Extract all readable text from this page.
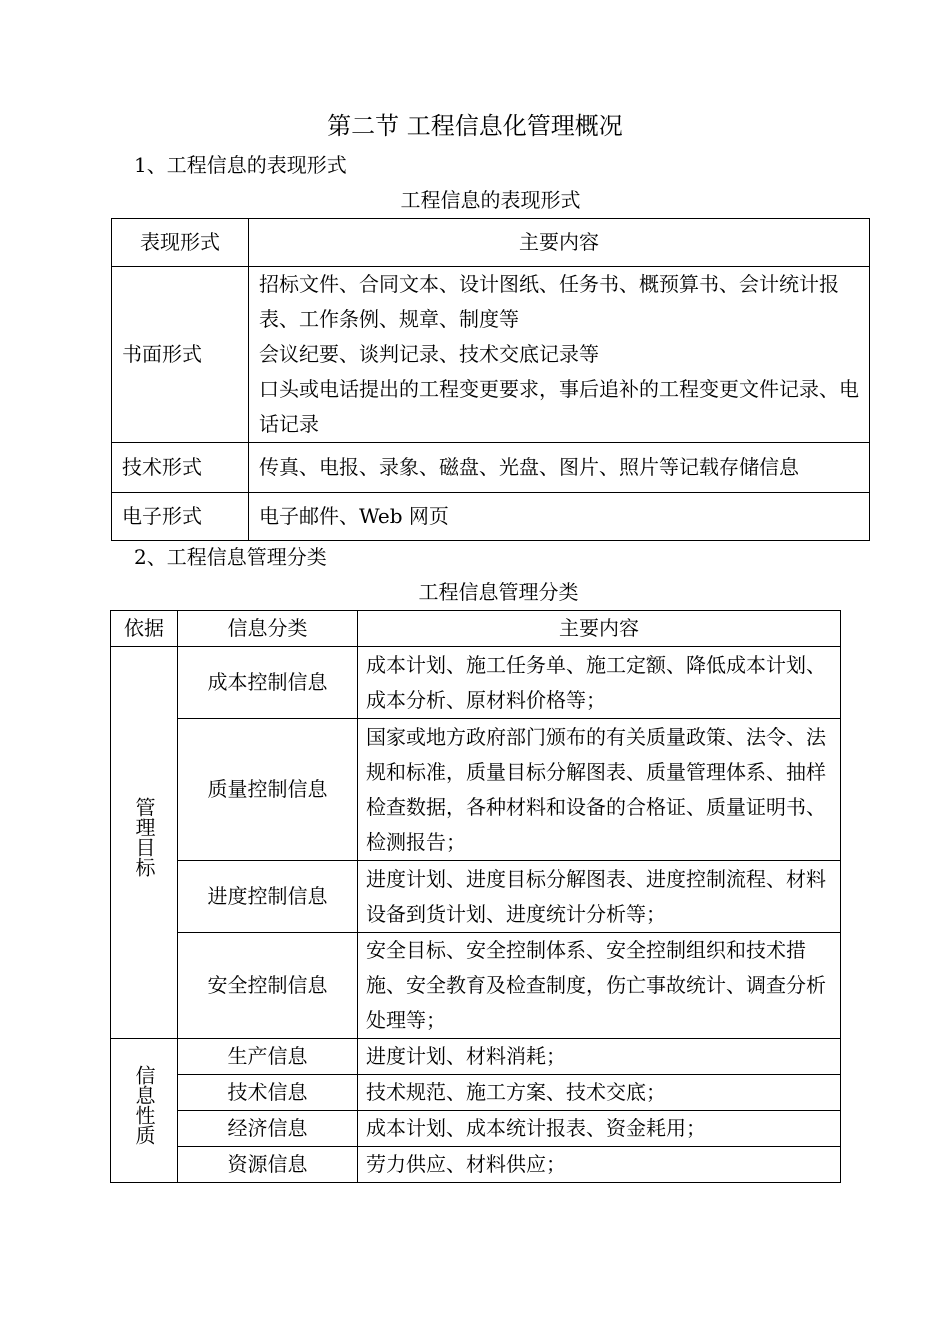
第二节 工程信息化管理概况
1、工程信息的表现形式
工程信息的表现形式
表现形式	主要内容
书面形式	招标文件、合同文本、设计图纸、任务书、概预算书、会计统计报表、工作条例、规章、制度等
会议纪要、谈判记录、技术交底记录等
口头或电话提出的工程变更要求，事后追补的工程变更文件记录、电话记录

技术形式	传真、电报、录象、磁盘、光盘、图片、照片等记载存储信息
电子形式	电子邮件、Web 网页
2、工程信息管理分类
工程信息管理分类
依据	信息分类	主要内容
管理目标	成本控制信息	成本计划、施工任务单、施工定额、降低成本计划、成本分析、原材料价格等；
	质量控制信息	国家或地方政府部门颁布的有关质量政策、法令、法规和标准，质量目标分解图表、质量管理体系、抽样检查数据，各种材料和设备的合格证、质量证明书、检测报告；
	进度控制信息	进度计划、进度目标分解图表、进度控制流程、材料设备到货计划、进度统计分析等；
	安全控制信息	安全目标、安全控制体系、安全控制组织和技术措施、安全教育及检查制度，伤亡事故统计、调查分析处理等；
信息性质	生产信息	进度计划、材料消耗；
	技术信息	技术规范、施工方案、技术交底；
	经济信息	成本计划、成本统计报表、资金耗用；
	资源信息	劳力供应、材料供应；
